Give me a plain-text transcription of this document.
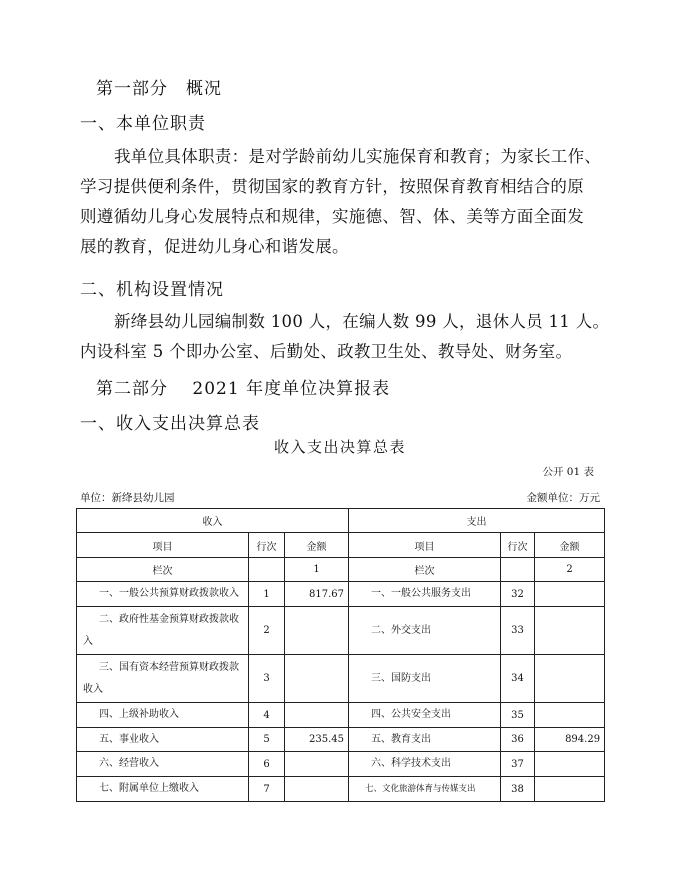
第一部分　概况
一、本单位职责
我单位具体职责：是对学龄前幼儿实施保育和教育；为家长工作、
学习提供便利条件，贯彻国家的教育方针，按照保育教育相结合的原
则遵循幼儿身心发展特点和规律，实施德、智、体、美等方面全面发
展的教育，促进幼儿身心和谐发展。
二、机构设置情况
新绛县幼儿园编制数 100 人，在编人数 99 人，退休人员 11 人。
内设科室 5 个即办公室、后勤处、政教卫生处、教导处、财务室。
第二部分　 2021 年度单位决算报表
一、收入支出决算总表
收入支出决算总表
公开 01 表
单位：新绛县幼儿园	金额单位：万元
收入			支出		
项目	行次	金额	项目	行次	金额
栏次		1	栏次		2
一、一般公共预算财政拨款收入	1	817.67	一、一般公共服务支出	32	
二、政府性基金预算财政拨款收入	2		二、外交支出	33	
三、国有资本经营预算财政拨款收入	3		三、国防支出	34	
四、上级补助收入	4		四、公共安全支出	35	
五、事业收入	5	235.45	五、教育支出	36	894.29
六、经营收入	6		六、科学技术支出	37	
七、附属单位上缴收入	7		七、文化旅游体育与传媒支出	38	
